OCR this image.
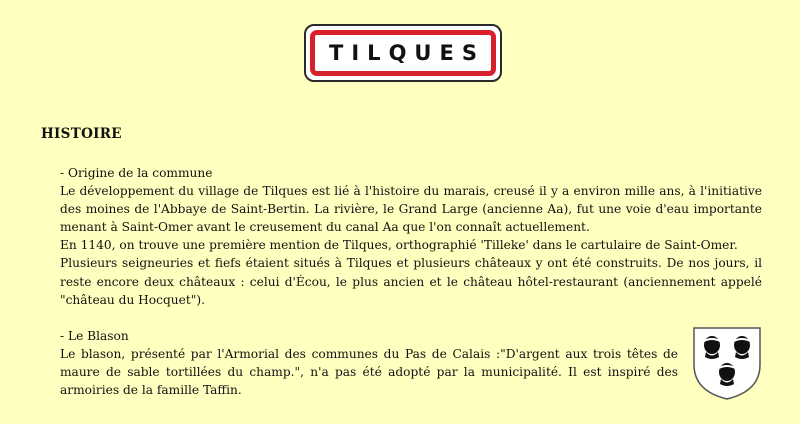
TILQUES
HISTOIRE

- Origine de la commune

Le développement du village de Tilques est lié à l'histoire du marais, creusé il y a environ mille ans, à l'initiative des moines de l'Abbaye de Saint-Bertin. La rivière, le Grand Large (ancienne Aa), fut une voie d'eau importante menant à Saint-Omer avant le creusement du canal Aa que l'on connaît actuellement.

En 1140, on trouve une première mention de Tilques, orthographié 'Tilleke' dans le cartulaire de Saint-Omer.

Plusieurs seigneuries et fiefs étaient situés à Tilques et plusieurs châteaux y ont été construits. De nos jours, il reste encore deux châteaux : celui d'Écou, le plus ancien et le château hôtel-restaurant (anciennement appelé "château du Hocquet").

- Le Blason

Le blason, présenté par l'Armorial des communes du Pas de Calais :"D'argent aux trois têtes de maure de sable tortillées du champ.", n'a pas été adopté par la municipalité. Il est inspiré des armoiries de la famille Taffin.
